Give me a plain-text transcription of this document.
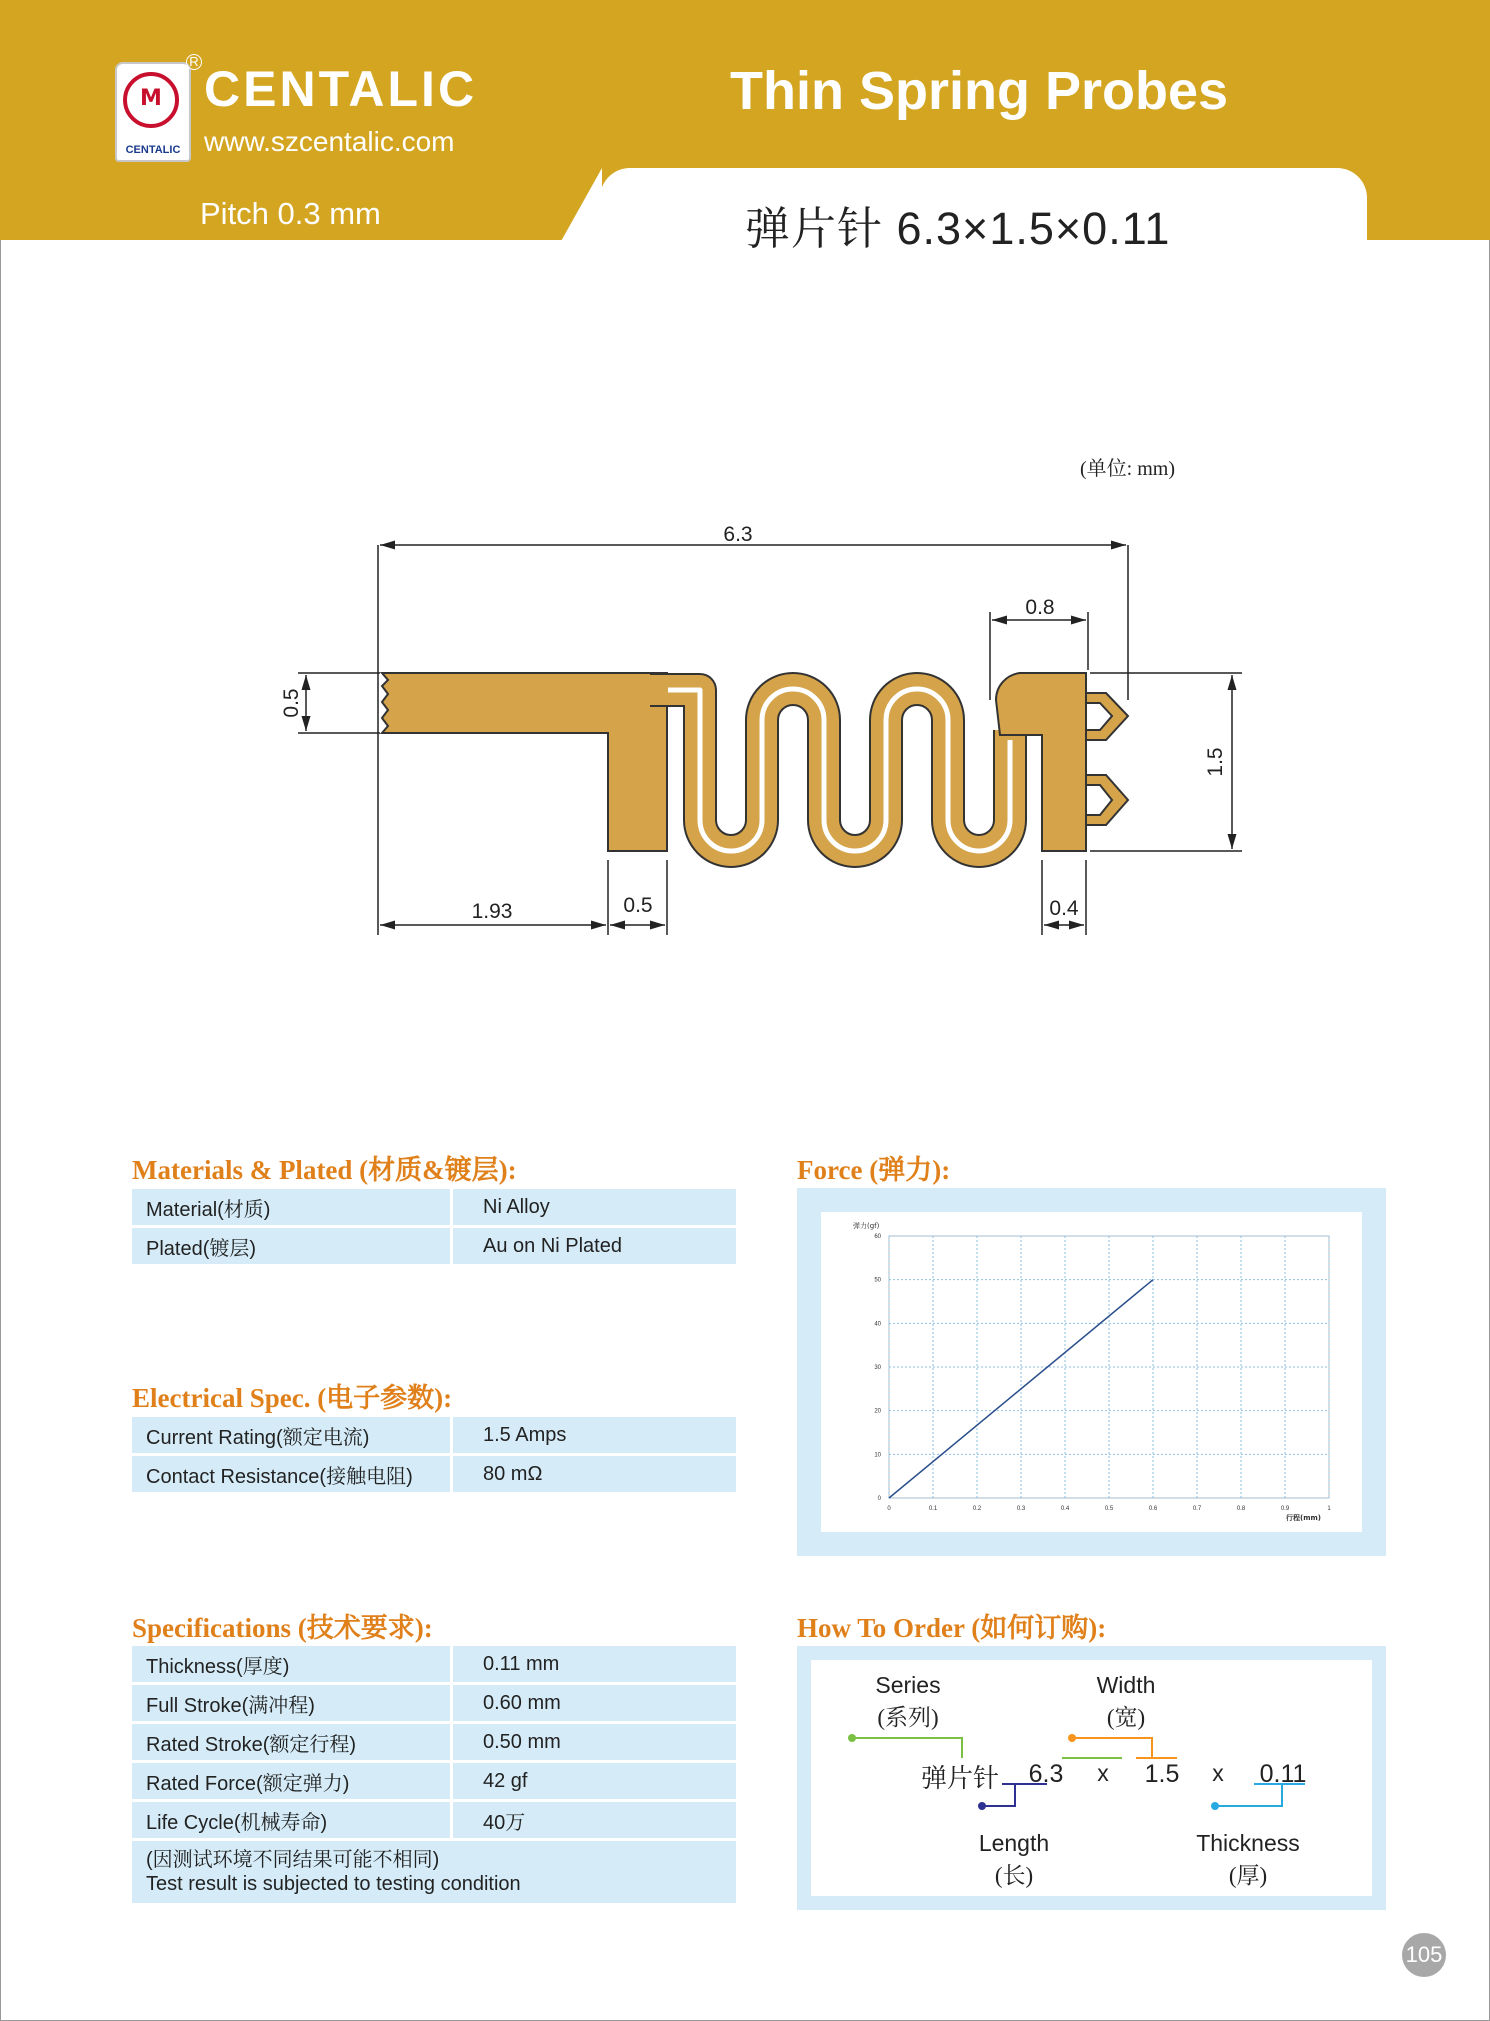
M
CENTALIC
R CENTALIC
www.szcentalic.com
Pitch 0.3 mm
Thin Spring Probes
弹片针 6.3×1.5×0.11
(单位: mm)
6.3
0.8
0.5
1.5
1.93	0.5	0.4
Materials & Plated (材质&镀层):
Material(材质)	Ni Alloy
Plated(镀层)	Au on Ni Plated
Electrical Spec. (电子参数):
Current Rating(额定电流)	1.5 Amps
Contact Resistance(接触电阻)	80 mΩ
Specifications (技术要求):
Thickness(厚度)	0.11 mm
Full Stroke(满冲程)	0.60 mm
Rated Stroke(额定行程)	0.50 mm
Rated Force(额定弹力)	42 gf
Life Cycle(机械寿命)	40万

(因测试环境不同结果可能不相同)
Test result is subjected to testing condition	
Force (弹力):
0	0.1	0.2	0.3	0.4	0.5	0.6	0.7	0.8	0.9	1
0
10
20
30
40
50
60
弹力(gf)
行程(mm)
How To Order (如何订购):
Series
(系列)
Width
(宽)
弹片针	6.3	x	1.5	x	0.11
Length
(长)
Thickness
(厚)
105
